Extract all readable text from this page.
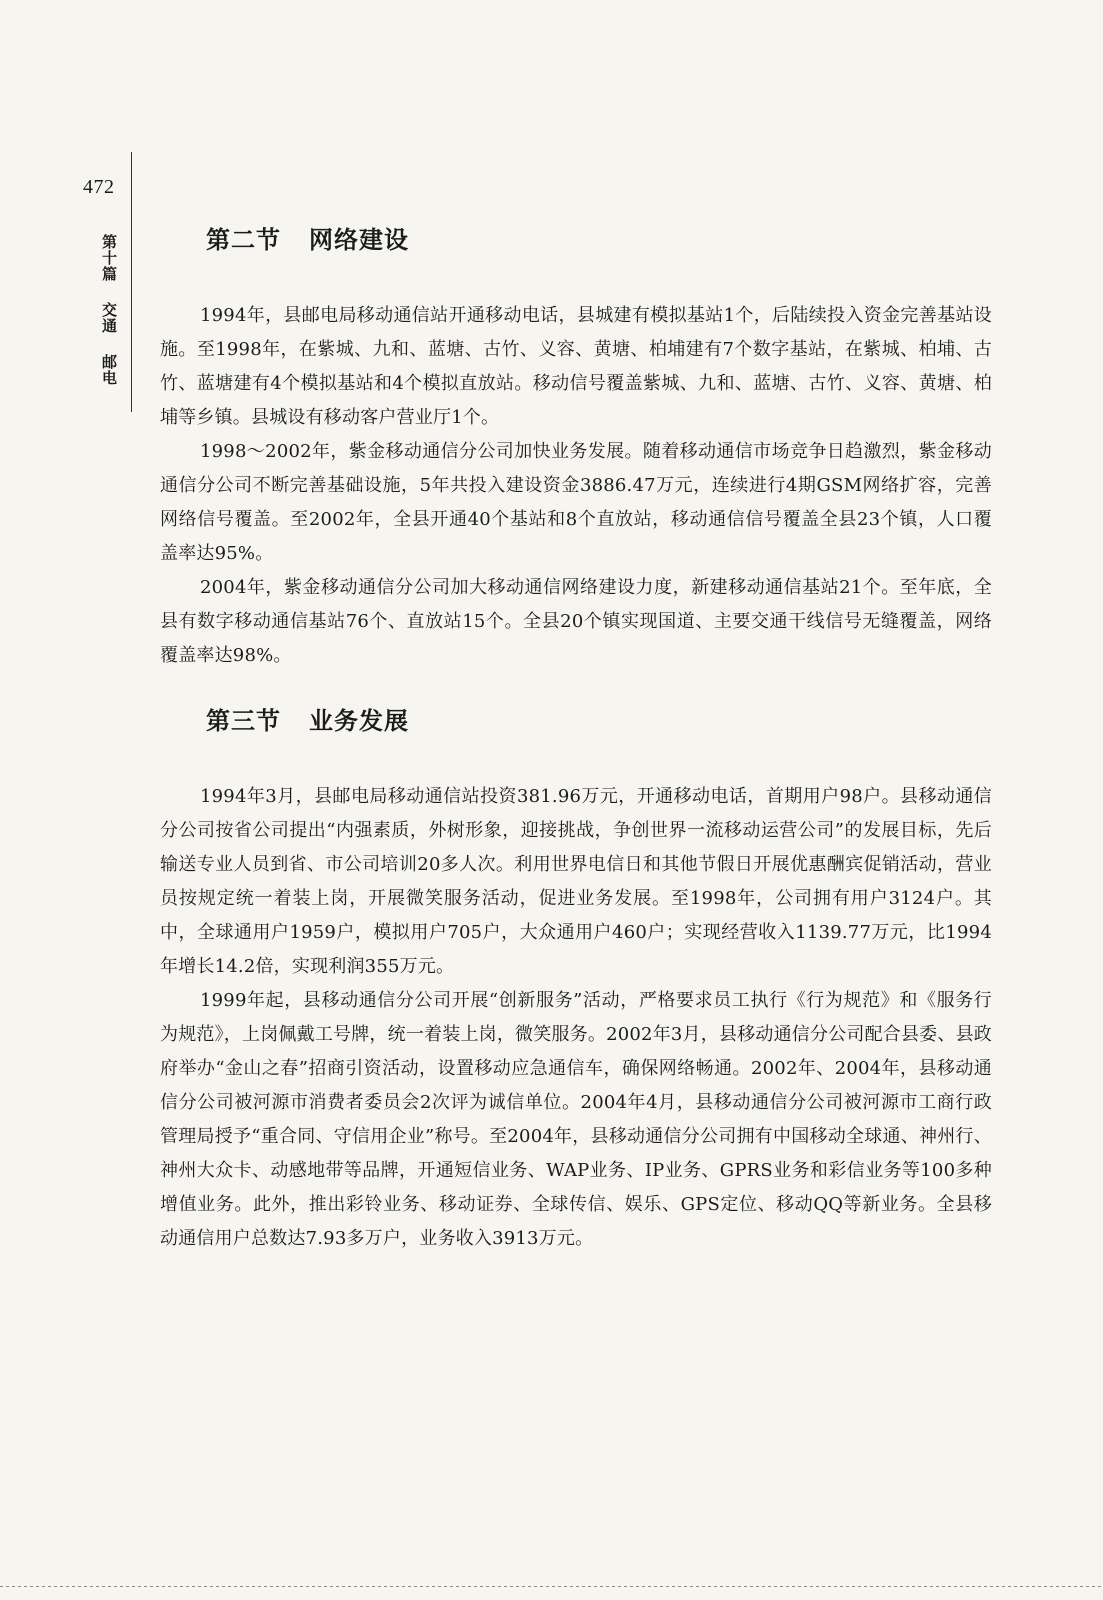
472
第十篇 交通 邮电
第二节 网络建设

1994年，县邮电局移动通信站开通移动电话，县城建有模拟基站1个，后陆续投入资金完善基站设施。至1998年，在紫城、九和、蓝塘、古竹、义容、黄塘、柏埔建有7个数字基站，在紫城、柏埔、古竹、蓝塘建有4个模拟基站和4个模拟直放站。移动信号覆盖紫城、九和、蓝塘、古竹、义容、黄塘、柏埔等乡镇。县城设有移动客户营业厅1个。

1998～2002年，紫金移动通信分公司加快业务发展。随着移动通信市场竞争日趋激烈，紫金移动通信分公司不断完善基础设施，5年共投入建设资金3886.47万元，连续进行4期GSM网络扩容，完善网络信号覆盖。至2002年，全县开通40个基站和8个直放站，移动通信信号覆盖全县23个镇，人口覆盖率达95%。

2004年，紫金移动通信分公司加大移动通信网络建设力度，新建移动通信基站21个。至年底，全县有数字移动通信基站76个、直放站15个。全县20个镇实现国道、主要交通干线信号无缝覆盖，网络覆盖率达98%。

第三节 业务发展

1994年3月，县邮电局移动通信站投资381.96万元，开通移动电话，首期用户98户。县移动通信分公司按省公司提出“内强素质，外树形象，迎接挑战，争创世界一流移动运营公司”的发展目标，先后输送专业人员到省、市公司培训20多人次。利用世界电信日和其他节假日开展优惠酬宾促销活动，营业员按规定统一着装上岗，开展微笑服务活动，促进业务发展。至1998年，公司拥有用户3124户。其中，全球通用户1959户，模拟用户705户，大众通用户460户；实现经营收入1139.77万元，比1994年增长14.2倍，实现利润355万元。

1999年起，县移动通信分公司开展“创新服务”活动，严格要求员工执行《行为规范》和《服务行为规范》，上岗佩戴工号牌，统一着装上岗，微笑服务。2002年3月，县移动通信分公司配合县委、县政府举办“金山之春”招商引资活动，设置移动应急通信车，确保网络畅通。2002年、2004年，县移动通信分公司被河源市消费者委员会2次评为诚信单位。2004年4月，县移动通信分公司被河源市工商行政管理局授予“重合同、守信用企业”称号。至2004年，县移动通信分公司拥有中国移动全球通、神州行、神州大众卡、动感地带等品牌，开通短信业务、WAP业务、IP业务、GPRS业务和彩信业务等100多种增值业务。此外，推出彩铃业务、移动证券、全球传信、娱乐、GPS定位、移动QQ等新业务。全县移动通信用户总数达7.93多万户，业务收入3913万元。
